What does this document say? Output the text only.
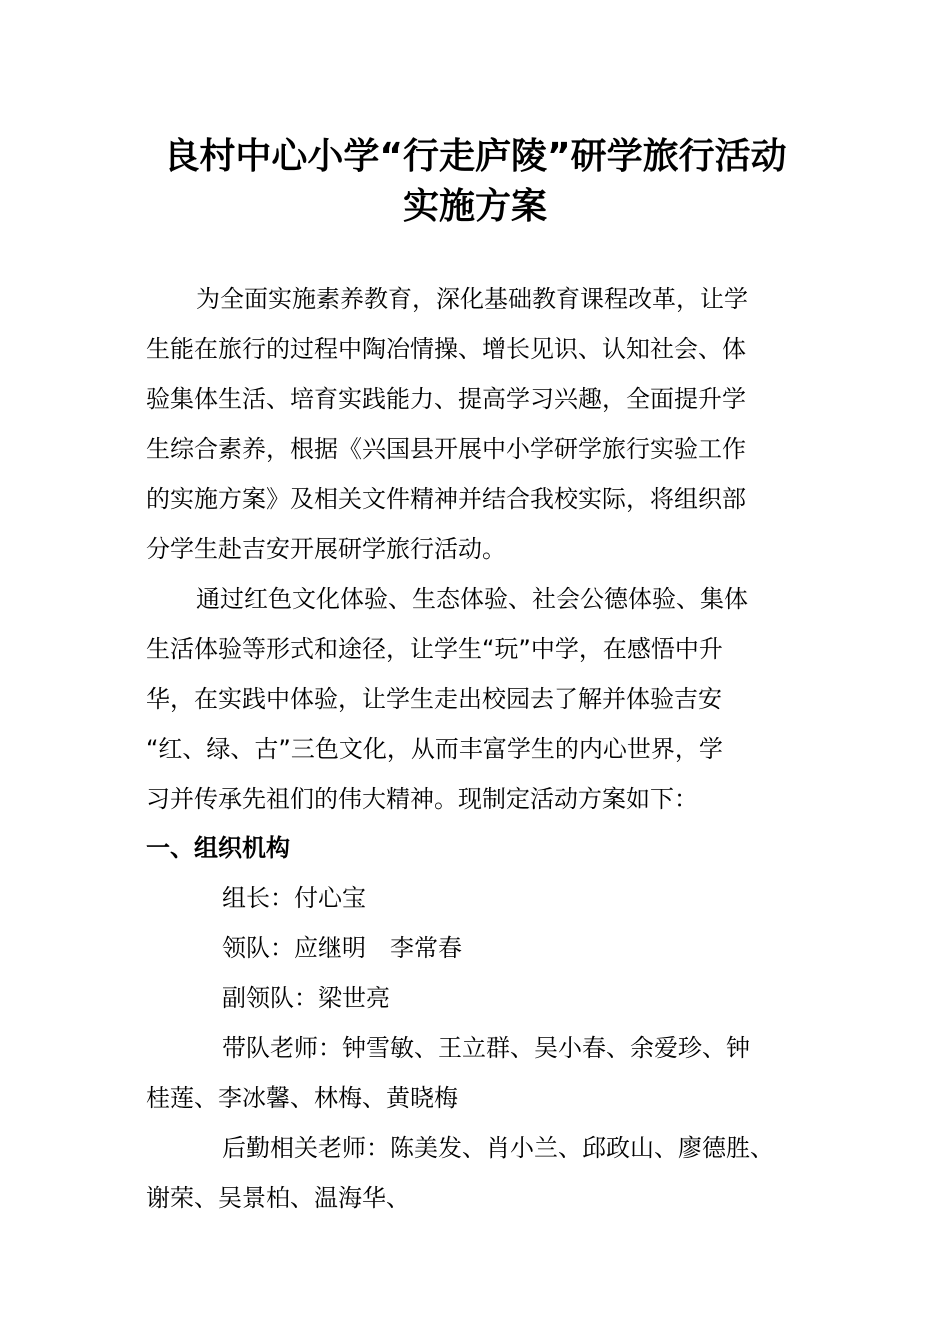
良村中心小学“行走庐陵”研学旅行活动
实施方案
为全面实施素养教育，深化基础教育课程改革，让学
生能在旅行的过程中陶冶情操、增长见识、认知社会、体
验集体生活、培育实践能力、提高学习兴趣，全面提升学
生综合素养，根据《兴国县开展中小学研学旅行实验工作
的实施方案》及相关文件精神并结合我校实际，将组织部
分学生赴吉安开展研学旅行活动。
通过红色文化体验、生态体验、社会公德体验、集体
生活体验等形式和途径，让学生“玩”中学，在感悟中升
华，在实践中体验，让学生走出校园去了解并体验吉安
“红、绿、古”三色文化，从而丰富学生的内心世界，学
习并传承先祖们的伟大精神。现制定活动方案如下：
一、组织机构
组长：付心宝
领队：应继明　李常春
副领队：梁世亮
带队老师：钟雪敏、王立群、吴小春、余爱珍、钟
桂莲、李冰馨、林梅、黄晓梅
后勤相关老师：陈美发、肖小兰、邱政山、廖德胜、
谢荣、吴景柏、温海华、
